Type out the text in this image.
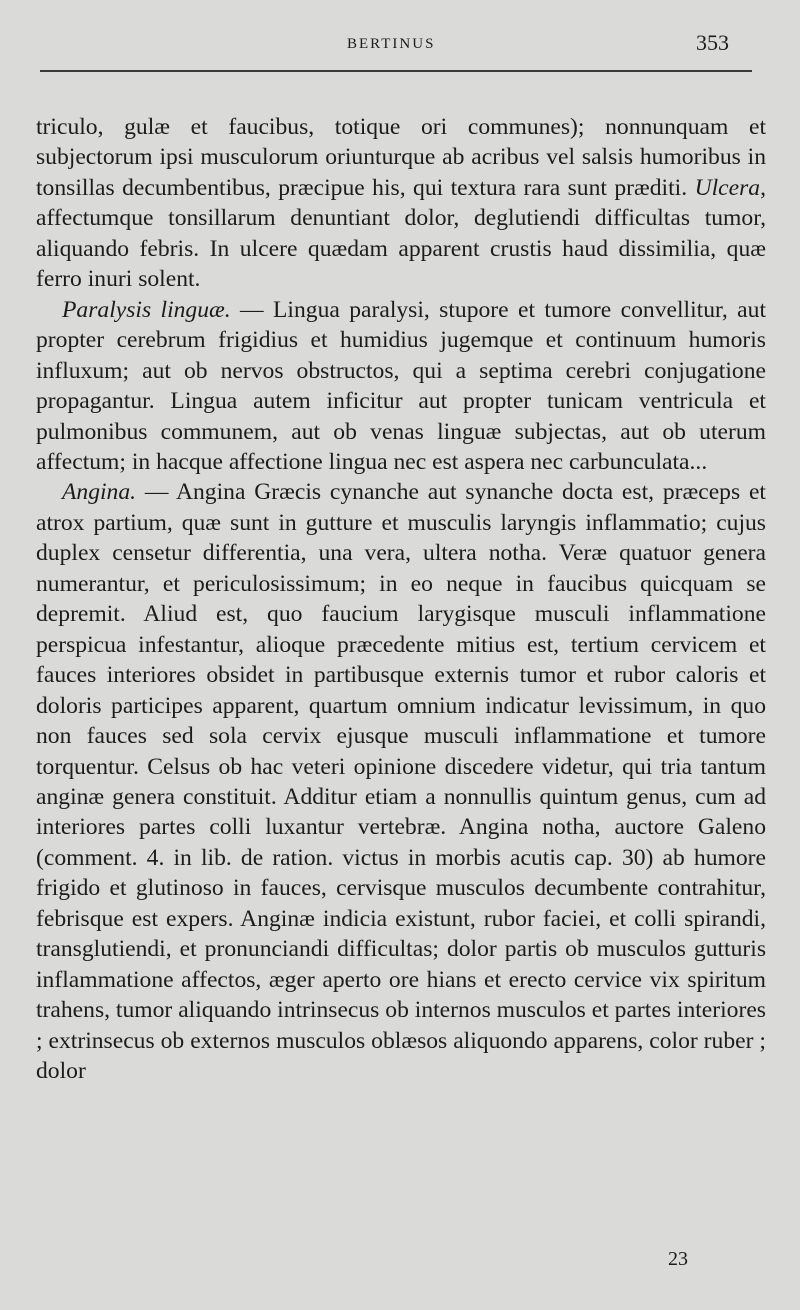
BERTINUS	353

triculo, gulæ et faucibus, totique ori communes); nonnunquam et subjectorum ipsi musculorum oriunturque ab acribus vel salsis humoribus in tonsillas decumbentibus, præcipue his, qui textura rara sunt præditi. Ulcera, affectumque tonsillarum denuntiant dolor, deglutiendi difficultas tumor, aliquando febris. In ulcere quædam apparent crustis haud dissimilia, quæ ferro inuri solent.

Paralysis linguæ. — Lingua paralysi, stupore et tumore convellitur, aut propter cerebrum frigidius et humidius jugemque et continuum humoris influxum; aut ob nervos obstructos, qui a septima cerebri conjugatione propagantur. Lingua autem inficitur aut propter tunicam ventricula et pulmonibus communem, aut ob venas linguæ subjectas, aut ob uterum affectum; in hacque affectione lingua nec est aspera nec carbunculata...

Angina. — Angina Græcis cynanche aut synanche docta est, præceps et atrox partium, quæ sunt in gutture et musculis laryngis inflammatio; cujus duplex censetur differentia, una vera, ultera notha. Veræ quatuor genera numerantur, et periculosissimum; in eo neque in faucibus quicquam se depremit. Aliud est, quo faucium larygisque musculi inflammatione perspicua infestantur, alioque præcedente mitius est, tertium cervicem et fauces interiores obsidet in partibusque externis tumor et rubor caloris et doloris participes apparent, quartum omnium indicatur levissimum, in quo non fauces sed sola cervix ejusque musculi inflammatione et tumore torquentur. Celsus ob hac veteri opinione discedere videtur, qui tria tantum anginæ genera constituit. Additur etiam a nonnullis quintum genus, cum ad interiores partes colli luxantur vertebræ. Angina notha, auctore Galeno (comment. 4. in lib. de ration. victus in morbis acutis cap. 30) ab humore frigido et glutinoso in fauces, cervisque musculos decumbente contrahitur, febrisque est expers. Anginæ indicia existunt, rubor faciei, et colli spirandi, transglutiendi, et pronunciandi difficultas; dolor partis ob musculos gutturis inflammatione affectos, æger aperto ore hians et erecto cervice vix spiritum trahens, tumor aliquando intrinsecus ob internos musculos et partes interiores ; extrinsecus ob externos musculos oblæsos aliquondo apparens, color ruber ; dolor

23
